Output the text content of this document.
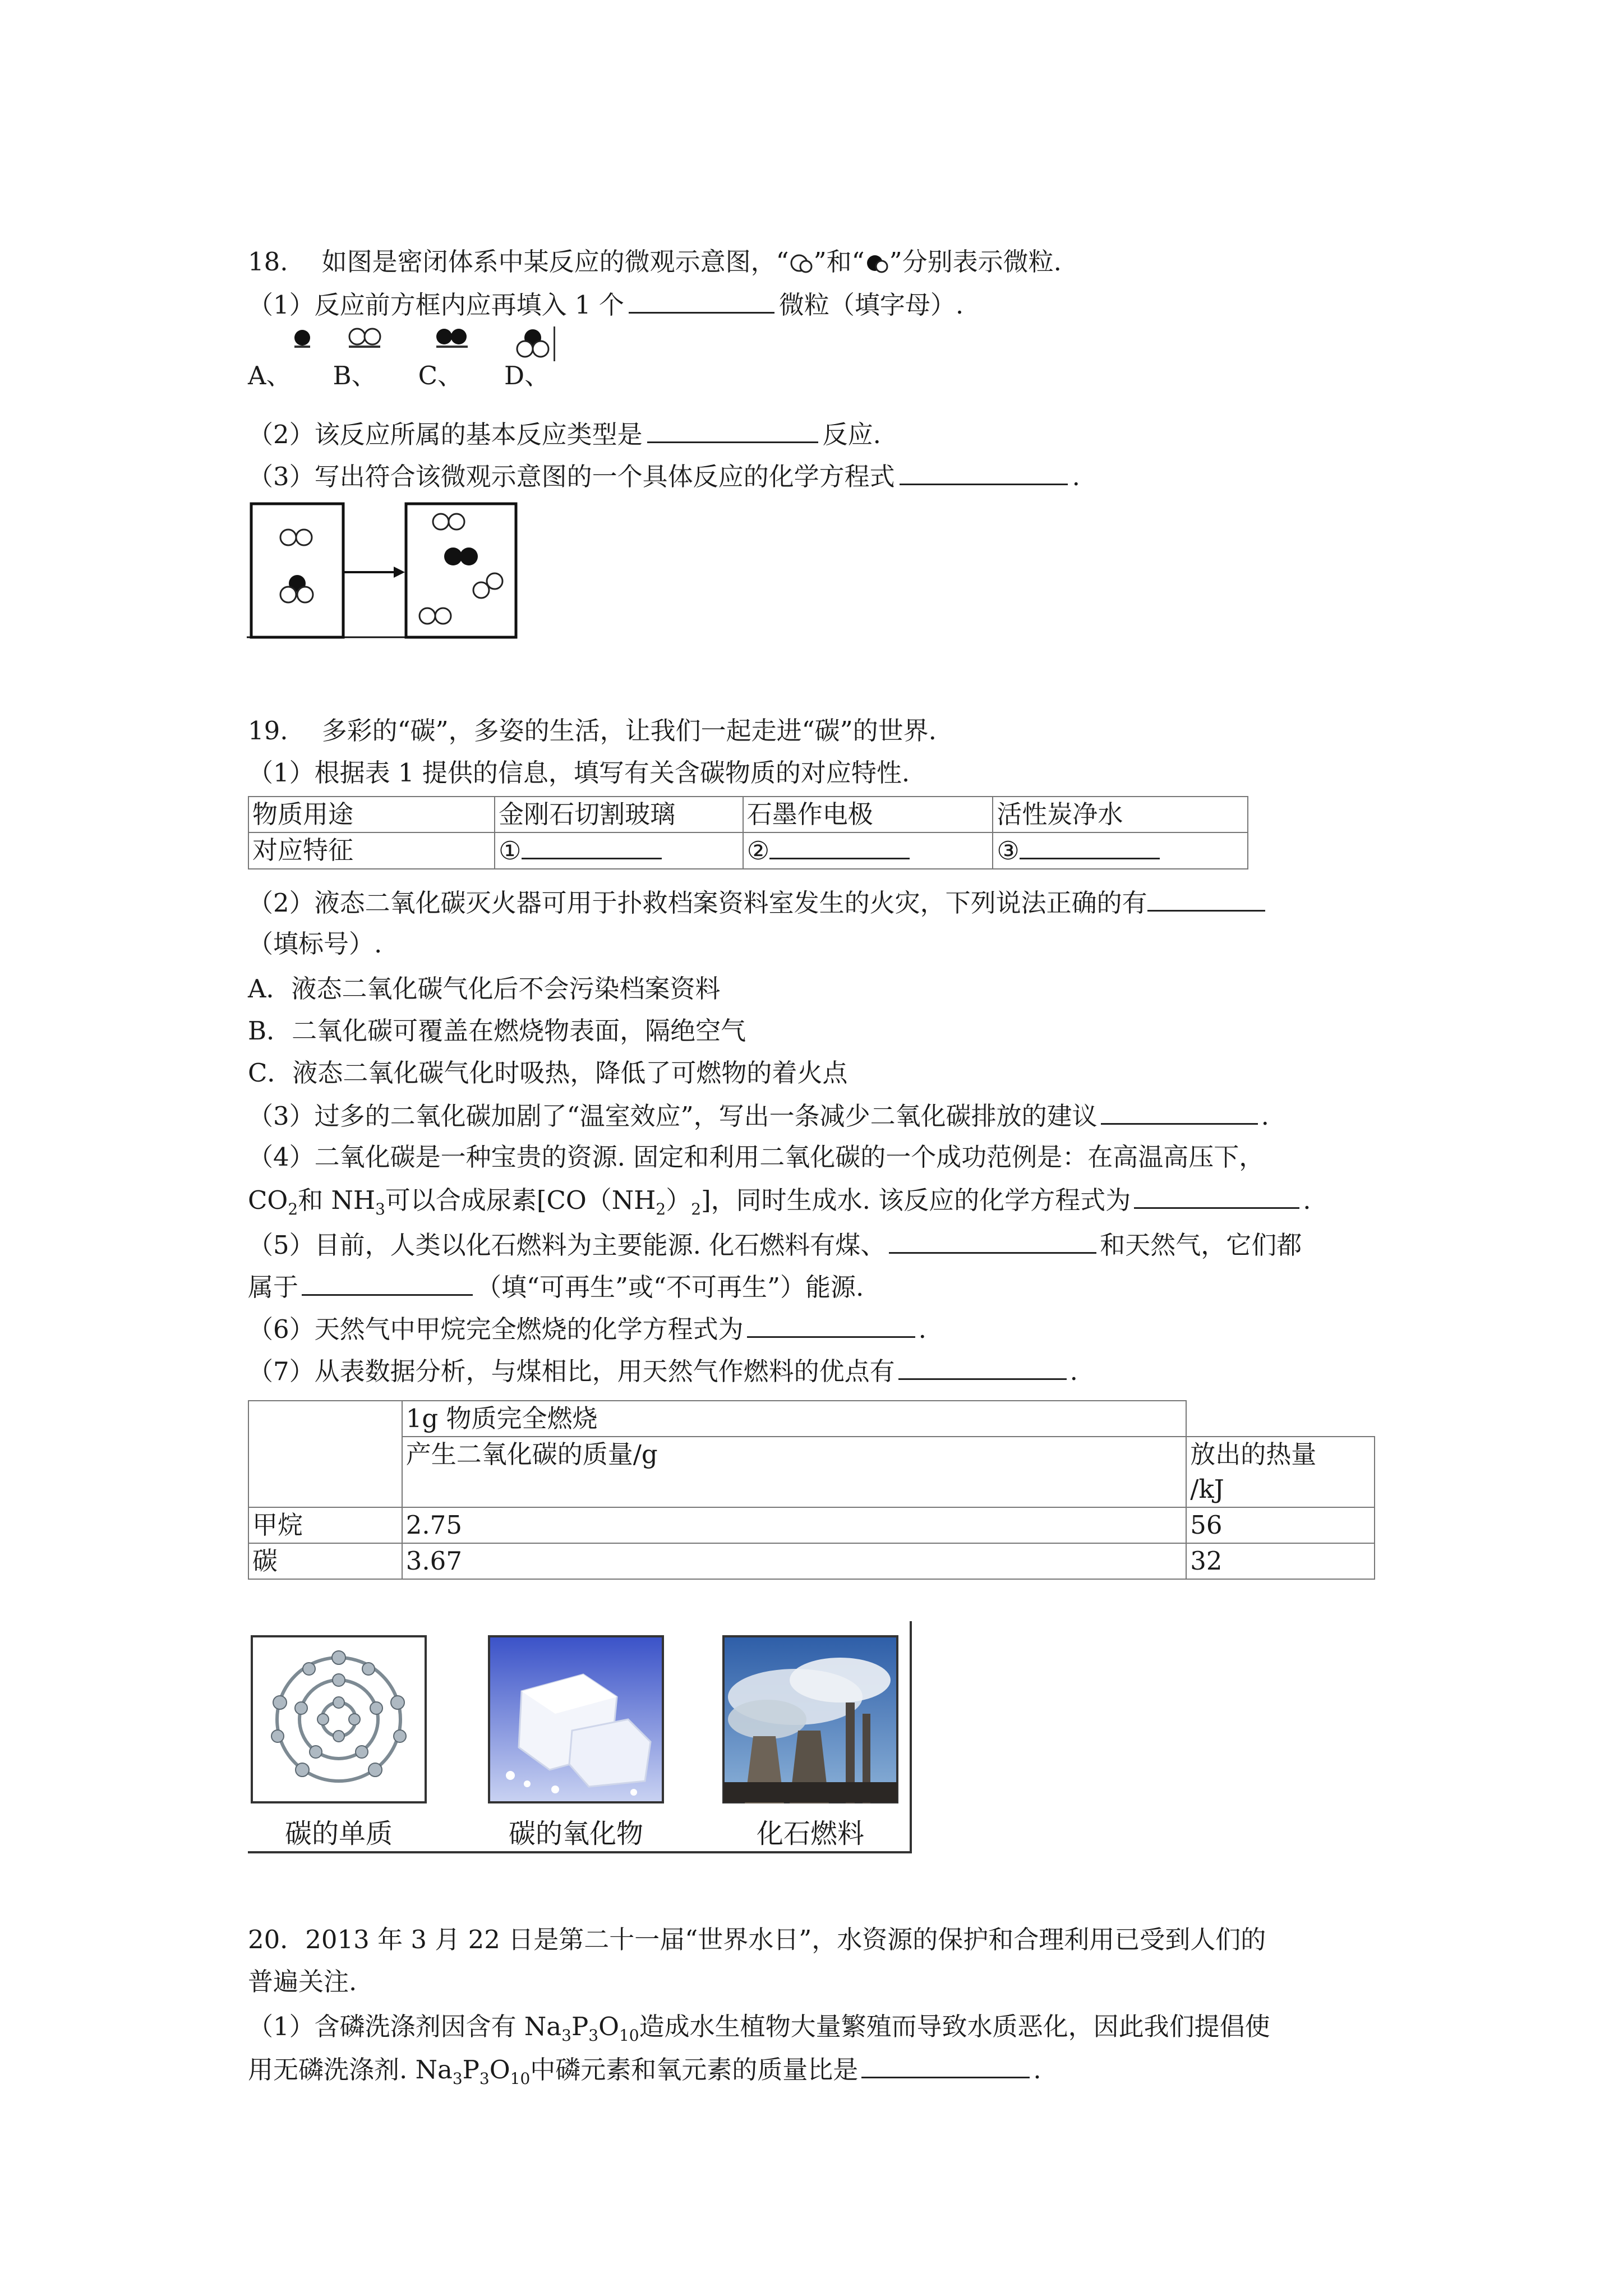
18. 如图是密闭体系中某反应的微观示意图，“ ”和“ ”分别表示微粒.
（1）反应前方框内应再填入 1 个	微粒（填字母）.
A、 B、 C、 D、
（2）该反应所属的基本反应类型是	反应.
（3）写出符合该微观示意图的一个具体反应的化学方程式	.
19. 多彩的“碳”，多姿的生活，让我们一起走进“碳”的世界.
（1）根据表 1 提供的信息，填写有关含碳物质的对应特性.
物质用途	金刚石切割玻璃	石墨作电极	活性炭净水
对应特征	①	②	③
（2）液态二氧化碳灭火器可用于扑救档案资料室发生的火灾，下列说法正确的有
（填标号）.
A．液态二氧化碳气化后不会污染档案资料
B．二氧化碳可覆盖在燃烧物表面，隔绝空气
C．液态二氧化碳气化时吸热，降低了可燃物的着火点
（3）过多的二氧化碳加剧了“温室效应”，写出一条减少二氧化碳排放的建议	.
（4）二氧化碳是一种宝贵的资源. 固定和利用二氧化碳的一个成功范例是：在高温高压下，
$CO_2$和 $NH_3$可以合成尿素$[CO(NH_2)_2]$，同时生成水. 该反应的化学方程式为	.
（5）目前，人类以化石燃料为主要能源. 化石燃料有煤、	和天然气，它们都
属于	（填“可再生”或“不可再生”）能源.
（6）天然气中甲烷完全燃烧的化学方程式为	.
（7）从表数据分析，与煤相比，用天然气作燃料的优点有	.
	1g 物质完全燃烧	
	产生二氧化碳的质量/g	放出的热量
/kJ
甲烷	2.75	56
碳	3.67	32
碳的单质	碳的氧化物	化石燃料
20．2013 年 3 月 22 日是第二十一届“世界水日”，水资源的保护和合理利用已受到人们的
普遍关注.
（1）含磷洗涤剂因含有 $Na_3P_3O_{10}$造成水生植物大量繁殖而导致水质恶化，因此我们提倡使
用无磷洗涤剂. $Na_3P_3O_{10}$中磷元素和氧元素的质量比是	.
